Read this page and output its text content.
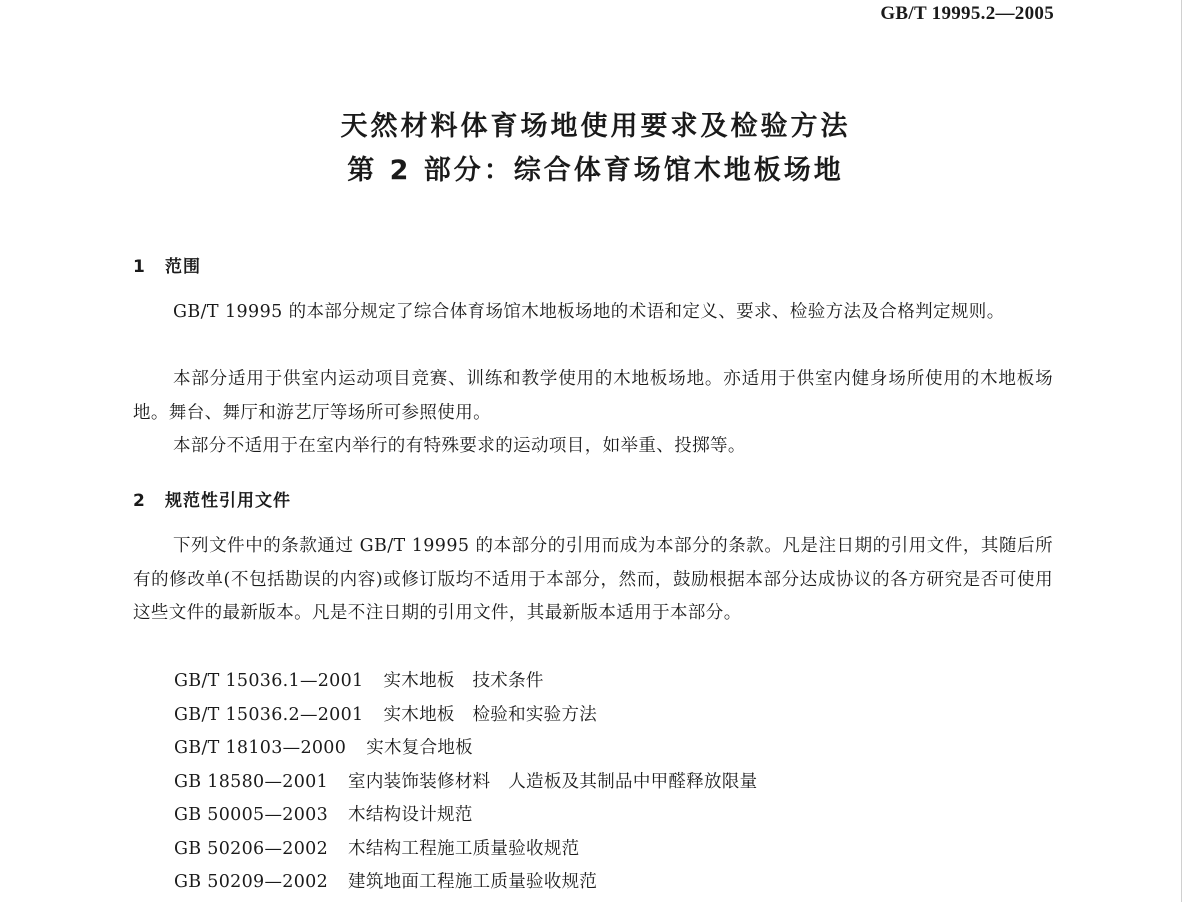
GB/T 19995.2—2005
天然材料体育场地使用要求及检验方法
第 2 部分：综合体育场馆木地板场地
1 范围
GB/T 19995 的本部分规定了综合体育场馆木地板场地的术语和定义、要求、检验方法及合格判定规则。
本部分适用于供室内运动项目竞赛、训练和教学使用的木地板场地。亦适用于供室内健身场所使用的木地板场地。舞台、舞厅和游艺厅等场所可参照使用。
本部分不适用于在室内举行的有特殊要求的运动项目，如举重、投掷等。
2 规范性引用文件
下列文件中的条款通过 GB/T 19995 的本部分的引用而成为本部分的条款。凡是注日期的引用文件，其随后所有的修改单(不包括勘误的内容)或修订版均不适用于本部分，然而，鼓励根据本部分达成协议的各方研究是否可使用这些文件的最新版本。凡是不注日期的引用文件，其最新版本适用于本部分。
GB/T 15036.1—2001 实木地板　技术条件
GB/T 15036.2—2001 实木地板　检验和实验方法
GB/T 18103—2000 实木复合地板
GB 18580—2001 室内装饰装修材料　人造板及其制品中甲醛释放限量
GB 50005—2003 木结构设计规范
GB 50206—2002 木结构工程施工质量验收规范
GB 50209—2002 建筑地面工程施工质量验收规范
